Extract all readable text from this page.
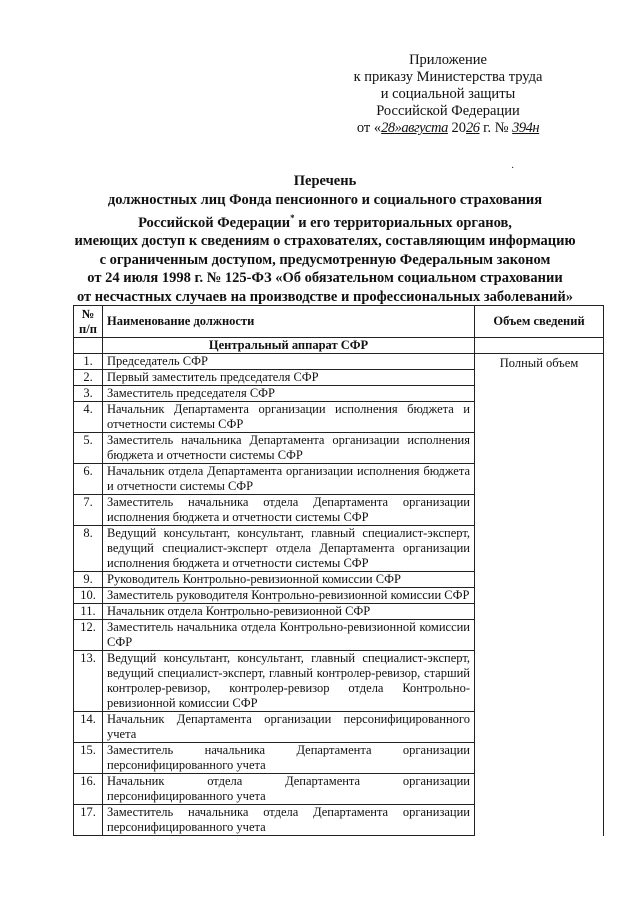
Приложение
к приказу Министерства труда
и социальной защиты
Российской Федерации
от «28»августа 2026 г. № 394н
·
Перечень
должностных лиц Фонда пенсионного и социального страхования
Российской Федерации* и его территориальных органов,
имеющих доступ к сведениям о страхователях, составляющим информацию
с ограниченным доступом, предусмотренную Федеральным законом
от 24 июля 1998 г. № 125-ФЗ «Об обязательном социальном страховании
от несчастных случаев на производстве и профессиональных заболеваний»
№ п/п	Наименование должности	Объем сведений
	Центральный аппарат СФР	
1.	Председатель СФР	Полный объем
2.	Первый заместитель председателя СФР	
3.	Заместитель председателя СФР	
4.	Начальник Департамента организации исполнения бюджета и отчетности системы СФР	
5.	Заместитель начальника Департамента организации исполнения бюджета и отчетности системы СФР	
6.	Начальник отдела Департамента организации исполнения бюджета и отчетности системы СФР	
7.	Заместитель начальника отдела Департамента организации исполнения бюджета и отчетности системы СФР	
8.	Ведущий консультант, консультант, главный специалист-эксперт, ведущий специалист-эксперт отдела Департамента организации исполнения бюджета и отчетности системы СФР	
9.	Руководитель Контрольно-ревизионной комиссии СФР	
10.	Заместитель руководителя Контрольно-ревизионной комиссии СФР	
11.	Начальник отдела Контрольно-ревизионной СФР	
12.	Заместитель начальника отдела Контрольно-ревизионной комиссии СФР	
13.	Ведущий консультант, консультант, главный специалист-эксперт, ведущий специалист-эксперт, главный контролер-ревизор, старший контролер-ревизор, контролер-ревизор отдела Контрольно-ревизионной комиссии СФР	
14.	Начальник Департамента организации персонифицированного учета	
15.	Заместитель начальника Департамента организации персонифицированного учета	
16.	Начальник отдела Департамента организации персонифицированного учета	
17.	Заместитель начальника отдела Департамента организации персонифицированного учета	
